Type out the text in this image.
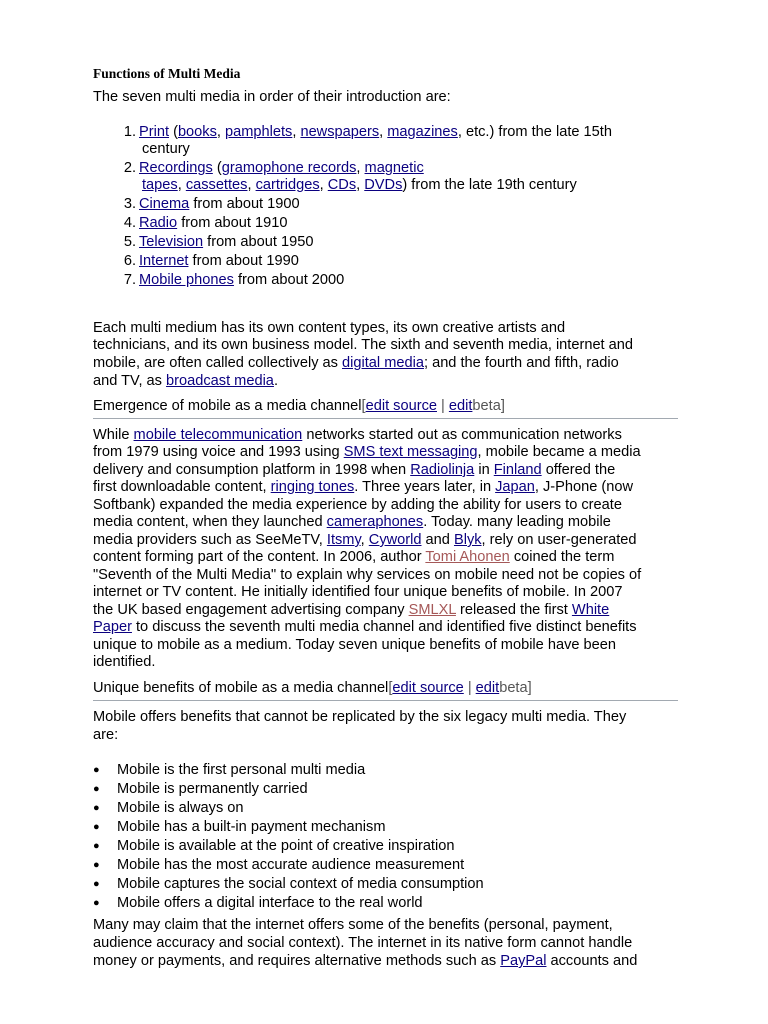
Functions of Multi Media

The seven multi media in order of their introduction are:

1. Print (books, pamphlets, newspapers, magazines, etc.) from the late 15th
century
2. Recordings (gramophone records, magnetic
tapes, cassettes, cartridges, CDs, DVDs) from the late 19th century
3. Cinema from about 1900
4. Radio from about 1910
5. Television from about 1950
6. Internet from about 1990
7. Mobile phones from about 2000
Each multi medium has its own content types, its own creative artists and
technicians, and its own business model. The sixth and seventh media, internet and
mobile, are often called collectively as digital media; and the fourth and fifth, radio
and TV, as broadcast media.
Emergence of mobile as a media channel[edit source | editbeta]
While mobile telecommunication networks started out as communication networks
from 1979 using voice and 1993 using SMS text messaging, mobile became a media
delivery and consumption platform in 1998 when Radiolinja in Finland offered the
first downloadable content, ringing tones. Three years later, in Japan, J-Phone (now
Softbank) expanded the media experience by adding the ability for users to create
media content, when they launched cameraphones. Today. many leading mobile
media providers such as SeeMeTV, Itsmy, Cyworld and Blyk, rely on user-generated
content forming part of the content. In 2006, author Tomi Ahonen coined the term
"Seventh of the Multi Media" to explain why services on mobile need not be copies of
internet or TV content. He initially identified four unique benefits of mobile. In 2007
the UK based engagement advertising company SMLXL released the first White
Paper to discuss the seventh multi media channel and identified five distinct benefits
unique to mobile as a medium. Today seven unique benefits of mobile have been
identified.
Unique benefits of mobile as a media channel[edit source | editbeta]
Mobile offers benefits that cannot be replicated by the six legacy multi media. They
are:
● Mobile is the first personal multi media
● Mobile is permanently carried
● Mobile is always on
● Mobile has a built-in payment mechanism
● Mobile is available at the point of creative inspiration
● Mobile has the most accurate audience measurement
● Mobile captures the social context of media consumption
● Mobile offers a digital interface to the real world
Many may claim that the internet offers some of the benefits (personal, payment,
audience accuracy and social context). The internet in its native form cannot handle
money or payments, and requires alternative methods such as PayPal accounts and
